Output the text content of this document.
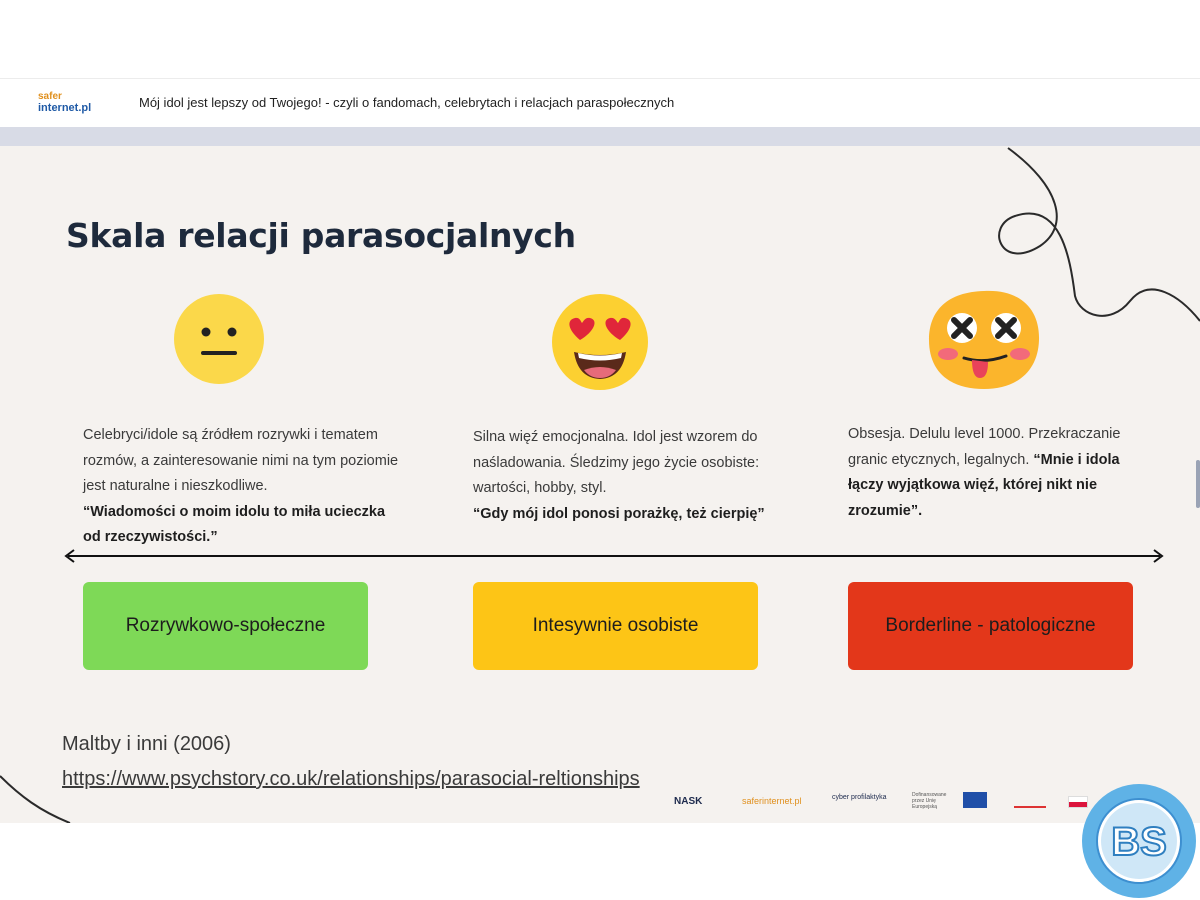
safer
internet.pl	Mój idol jest lepszy od Twojego! - czyli o fandomach, celebrytach i relacjach paraspołecznych
Skala relacji parasocjalnych
Celebryci/idole są źródłem rozrywki i tematem rozmów, a zainteresowanie nimi na tym poziomie jest naturalne i nieszkodliwe.
“Wiadomości o moim idolu to miła ucieczka od rzeczywistości.”
Silna więź emocjonalna. Idol jest wzorem do naśladowania. Śledzimy jego życie osobiste: wartości, hobby, styl.
“Gdy mój idol ponosi porażkę, też cierpię”
Obsesja. Delulu level 1000. Przekraczanie granic etycznych, legalnych. “Mnie i idola łączy wyjątkowa więź, której nikt nie zrozumie”.
Rozrywkowo-społeczne	Intesywnie osobiste	Borderline - patologiczne
Maltby i inni (2006)
https://www.psychstory.co.uk/relationships/parasocial-reltionships
NASK	saferinternet.pl	cyber profilaktyka	Dofinansowane przez Unię Europejską
BS
